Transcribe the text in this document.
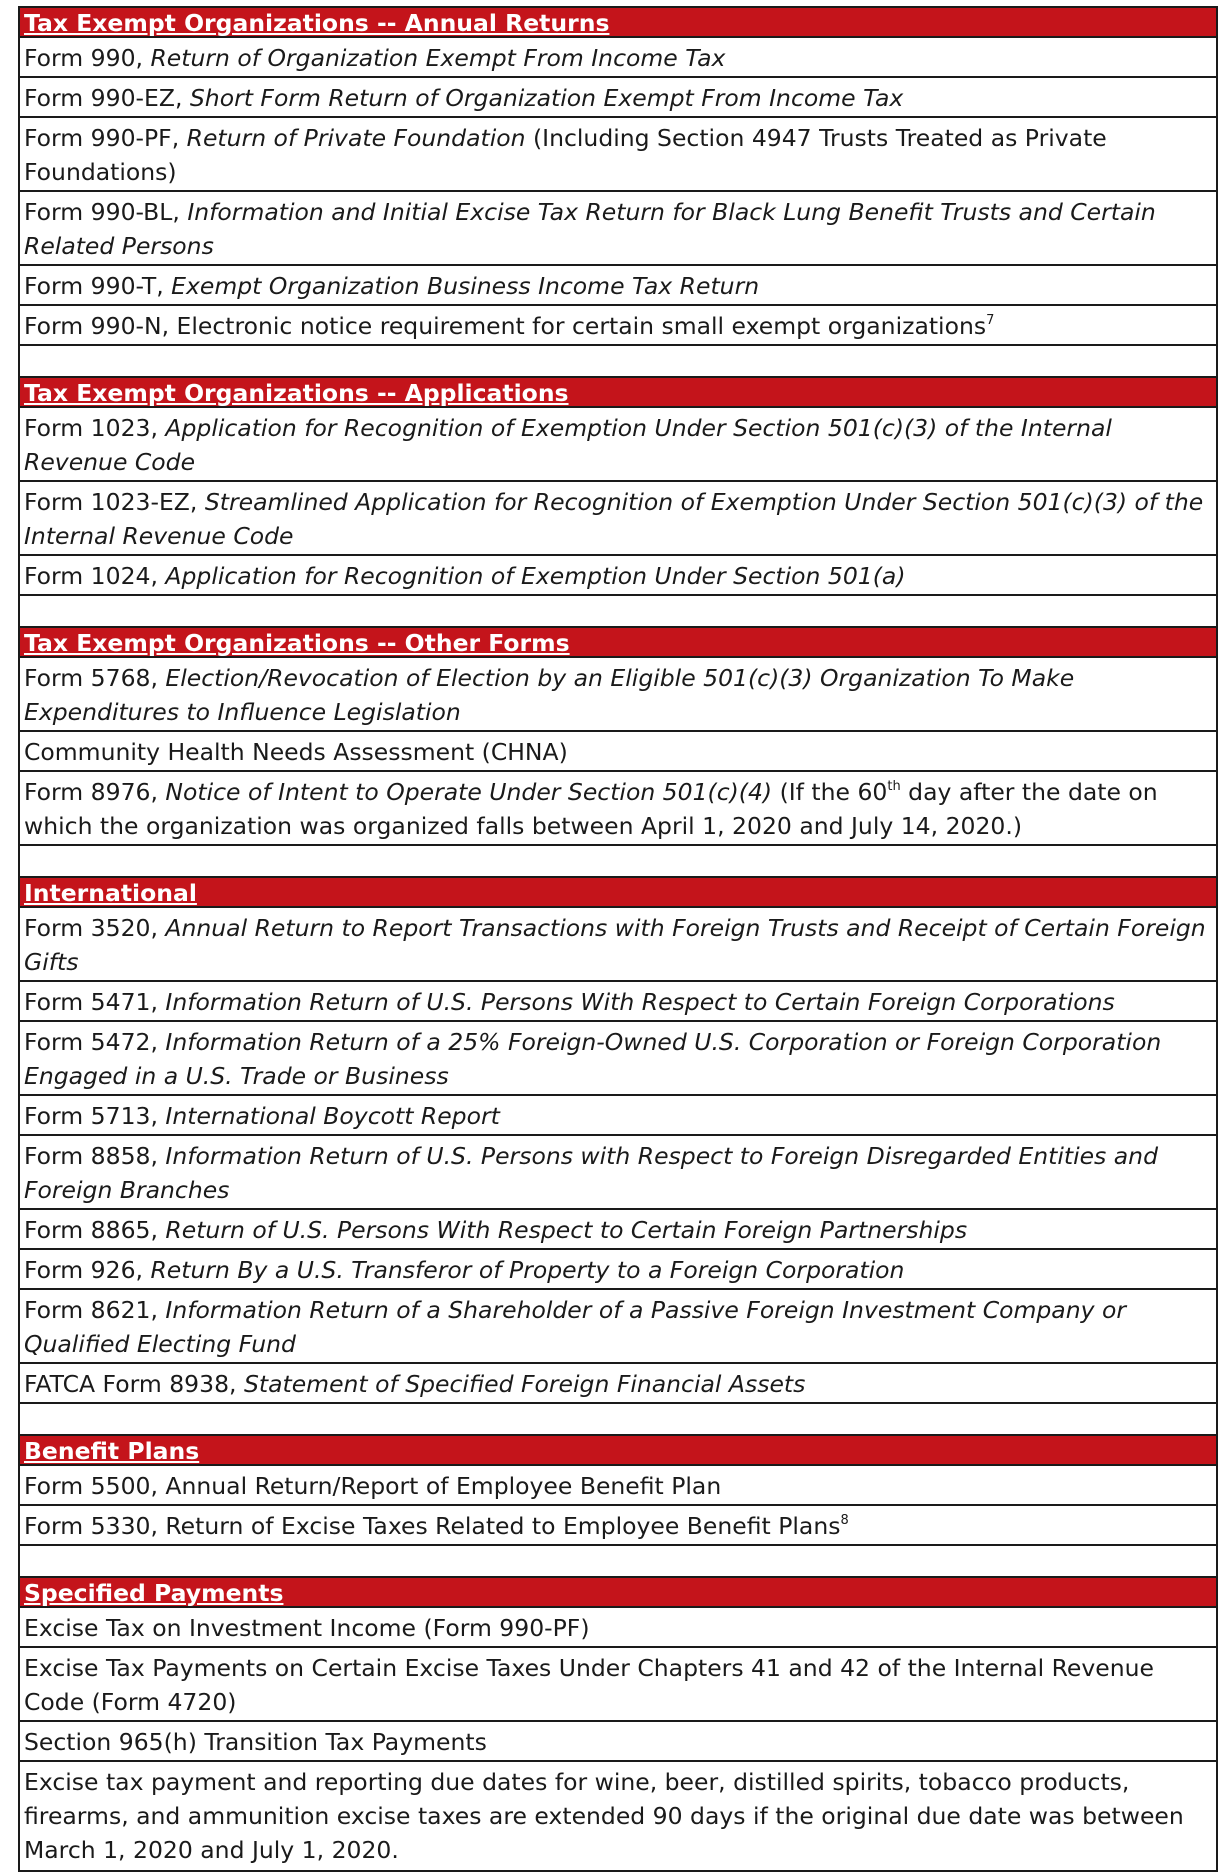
Tax Exempt Organizations -- Annual Returns
Form 990, Return of Organization Exempt From Income Tax
Form 990-EZ, Short Form Return of Organization Exempt From Income Tax
Form 990-PF, Return of Private Foundation (Including Section 4947 Trusts Treated as Private Foundations)
Form 990-BL, Information and Initial Excise Tax Return for Black Lung Benefit Trusts and Certain Related Persons
Form 990-T, Exempt Organization Business Income Tax Return
Form 990-N, Electronic notice requirement for certain small exempt organizations$^7$
Tax Exempt Organizations -- Applications
Form 1023, Application for Recognition of Exemption Under Section 501(c)(3) of the Internal Revenue Code
Form 1023-EZ, Streamlined Application for Recognition of Exemption Under Section 501(c)(3) of the Internal Revenue Code
Form 1024, Application for Recognition of Exemption Under Section 501(a)
Tax Exempt Organizations -- Other Forms
Form 5768, Election/Revocation of Election by an Eligible 501(c)(3) Organization To Make Expenditures to Influence Legislation
Community Health Needs Assessment (CHNA)
Form 8976, Notice of Intent to Operate Under Section 501(c)(4) (If the 60th day after the date on which the organization was organized falls between April 1, 2020 and July 14, 2020.)
International
Form 3520, Annual Return to Report Transactions with Foreign Trusts and Receipt of Certain Foreign Gifts
Form 5471, Information Return of U.S. Persons With Respect to Certain Foreign Corporations
Form 5472, Information Return of a 25% Foreign-Owned U.S. Corporation or Foreign Corporation Engaged in a U.S. Trade or Business
Form 5713, International Boycott Report
Form 8858, Information Return of U.S. Persons with Respect to Foreign Disregarded Entities and Foreign Branches
Form 8865, Return of U.S. Persons With Respect to Certain Foreign Partnerships
Form 926, Return By a U.S. Transferor of Property to a Foreign Corporation
Form 8621, Information Return of a Shareholder of a Passive Foreign Investment Company or Qualified Electing Fund
FATCA Form 8938, Statement of Specified Foreign Financial Assets
Benefit Plans
Form 5500, Annual Return/Report of Employee Benefit Plan
Form 5330, Return of Excise Taxes Related to Employee Benefit Plans$^8$
Specified Payments
Excise Tax on Investment Income (Form 990-PF)
Excise Tax Payments on Certain Excise Taxes Under Chapters 41 and 42 of the Internal Revenue Code (Form 4720)
Section 965(h) Transition Tax Payments
Excise tax payment and reporting due dates for wine, beer, distilled spirits, tobacco products, firearms, and ammunition excise taxes are extended 90 days if the original due date was between March 1, 2020 and July 1, 2020.
